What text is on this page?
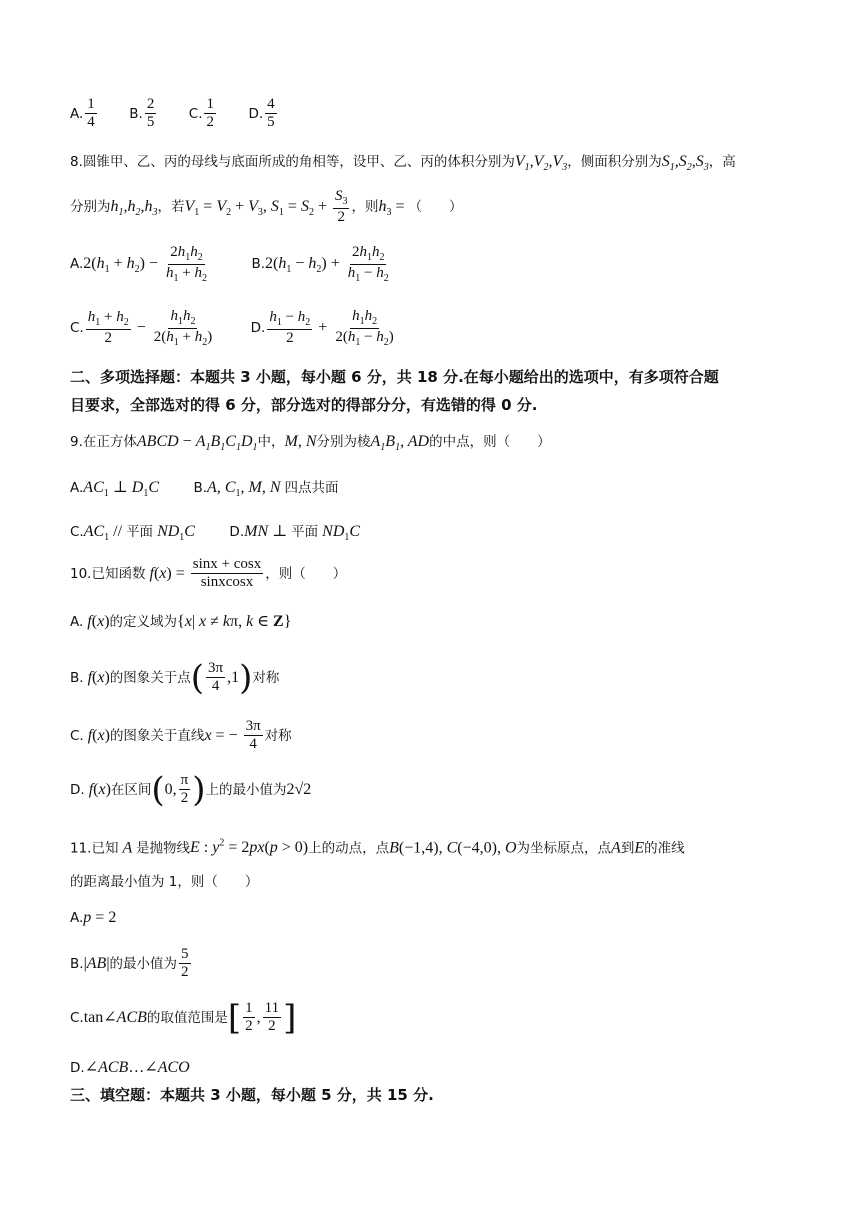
A. $\frac{1}{4} B$. $\frac{2}{5} C$. $\frac{1}{2} D$. $\frac{4}{5}$
8.圆锥甲、乙、丙的母线与底面所成的角相等，设甲、乙、丙的体积分别为$V_1,V_2,V_3$，侧面积分别为$S_1,S_2,S_3$，高
分别为$h_1,h_2,h_3$，若$V_1 = V_2 + V_3$, $S_1 = S_2 + \frac{S_3}{2}$ ，则$h_3$ = （　　）
$A.2(h_1 + h_2) - \frac{2h_1h_2}{h_1 + h_2}$	$B.2(h_1 - h_2) + \frac{2h_1h_2}{h_1 - h_2}$
C. $\frac{h_1 + h_2}{2} - \frac{h_1h_2}{2(h_1 + h_2)}$	D. $\frac{h_1 - h_2}{2} + \frac{h_1h_2}{2(h_1 - h_2)}$
二、多项选择题：本题共 3 小题，每小题 6 分，共 18 分.在每小题给出的选项中，有多项符合题
目要求，全部选对的得 6 分，部分选对的得部分分，有选错的得 0 分.
9.在正方体ABCD − $A_1B_1C_1D_1$中，M, N分别为棱$A_1B_1$, AD的中点，则（　　）
$A.AC_1$ ⊥ $D_1C$	B.A, $C_1$, M, N 四点共面
$C.AC_1$ // 平面 $ND_1C$	D.MN ⊥ 平面 $ND_1C$
10.已知函数 $f(x) = \frac{\sin x + \cos x}{\text{sinxcosx}}$ ，则（　　）
A. f(x)的定义域为{x| x ≠ kπ, k ∈ Z}
B. f(x)的图象关于点( $\frac{3\pi}{4} ,1$)对称
C. f(x)的图象关于直线x = − $\frac{3\pi}{4}$ 对称
D. f(x)在区间(0, $\frac{\pi}{2}$ )上的最小值为2√2
11.已知 A 是抛物线E : $y^2 = 2px(p > 0)$上的动点，点B(−1,4), C(−4,0), O为坐标原点，点A到E的准线
的距离最小值为 1，则（　　）
A.p = 2
B.|AB|的最小值为 $\frac{5}{2}$
C.tan∠ACB的取值范围是[ $\frac{1}{2}$ , $\frac{11}{2}$ ]
D.∠ACB…∠ACO
三、填空题：本题共 3 小题，每小题 5 分，共 15 分.
